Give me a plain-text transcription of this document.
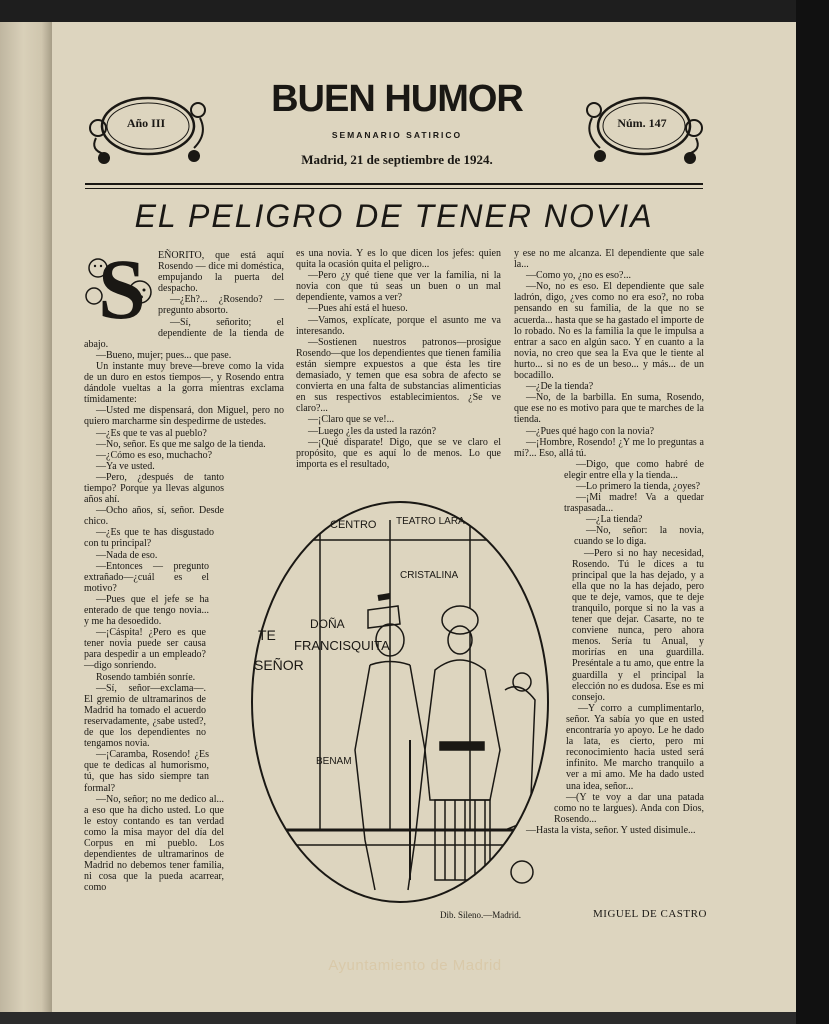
Año III	Núm. 147
BUEN HUMOR
SEMANARIO SATIRICO
Madrid, 21 de septiembre de 1924.
EL PELIGRO DE TENER NOVIA
S	EÑORITO, que está aquí Rosendo — dice mi doméstica, empujando la puerta del despacho.

—¿Eh?... ¿Rosendo? — pregunto absorto.

—Sí, señorito; el dependiente de la tienda de abajo.

—Bueno, mujer; pues... que pase.

Un instante muy breve—breve como la vida de un duro en estos tiempos—, y Rosendo entra dándole vueltas a la gorra mientras exclama tímidamente:

—Usted me dispensará, don Miguel, pero no quiero marcharme sin despedirme de ustedes.

—¿Es que te vas al pueblo?

—No, señor. Es que me salgo de la tienda.

—¿Cómo es eso, muchacho?

—Ya ve usted.

—Pero, ¿después de tanto tiempo? Porque ya llevas algunos años ahí.

—Ocho años, sí, señor. Desde chico.

—¿Es que te has disgustado con tu principal?

—Nada de eso.

—Entonces — pregunto extrañado—¿cuál es el motivo?

—Pues que el jefe se ha enterado de que tengo novia... y me ha desoedido.

—¡Cáspita! ¿Pero es que tener novia puede ser causa para despedir a un empleado?—digo sonriendo.

Rosendo también sonríe.

—Sí, señor—exclama—. El gremio de ultramarinos de Madrid ha tomado el acuerdo reservadamente, ¿sabe usted?, de que los dependientes no tengamos novia.

—¡Caramba, Rosendo! ¿Es que te dedicas al humorismo, tú, que has sido siempre tan formal?

—No, señor; no me dedico al... a eso que ha dicho usted. Lo que le estoy contando es tan verdad como la misa mayor del día del Corpus en mi pueblo. Los dependientes de ultramarinos de Madrid no debemos tener familia, ni cosa que la pueda acarrear, como

es una novia. Y es lo que dicen los jefes: quien quita la ocasión quita el peligro...

—Pero ¿y qué tiene que ver la familia, ni la novia con que tú seas un buen o un mal dependiente, vamos a ver?

—Pues ahí está el hueso.

—Vamos, explícate, porque el asunto me va interesando.

—Sostienen nuestros patronos—prosigue Rosendo—que los dependientes que tienen familia están siempre expuestos a que ésta les tire demasiado, y temen que esa sobra de afecto se convierta en una falta de substancias alimenticias en sus respectivos establecimientos. ¿Se ve claro?...

—¡Claro que se ve!...

—Luego ¿les da usted la razón?

—¡Qué disparate! Digo, que se ve claro el propósito, que es aquí lo de menos. Lo que importa es el resultado,

y ese no me alcanza. El dependiente que sale la...

—Como yo, ¿no es eso?...

—No, no es eso. El dependiente que sale ladrón, digo, ¿ves como no era eso?, no roba pensando en su familia, de la que no se acuerda... hasta que se ha gastado el importe de lo robado. No es la familia la que le impulsa a entrar a saco en algún saco. Y en cuanto a la novia, no creo que sea la Eva que le tiente al hurto... si no es de un beso... y más... de un bocadillo.

—¿De la tienda?

—No, de la barbilla. En suma, Rosendo, que ese no es motivo para que te marches de la tienda.

—¿Pues qué hago con la novia?

—¡Hombre, Rosendo! ¿Y me lo preguntas a mí?... Eso, allá tú.

—Digo, que como habré de elegir entre ella y la tienda...

—Lo primero la tienda, ¿oyes?

—¡Mi madre! Va a quedar traspasada...

—¿La tienda?

—No, señor: la novia, cuando se lo diga.

—Pero si no hay necesidad, Rosendo. Tú le dices a tu principal que la has dejado, y a ella que no la has dejado, pero que te deje, vamos, que te deje tranquilo, porque si no la vas a tener que dejar. Casarte, no te conviene nunca, pero ahora menos. Sería tu Anual, y morirías en una guardilla. Preséntale a tu amo, que entre la guardilla y el principal la elección no es dudosa. Ese es mi consejo.

—Y corro a cumplimentarlo, señor. Ya sabía yo que en usted encontraría yo apoyo. Le he dado la lata, es cierto, pero mi reconocimiento hacia usted será infinito. Me marcho tranquilo a ver a mi amo. Me ha dado usted una idea, señor...

—(Y te voy a dar una patada como no te largues). Anda con Dios, Rosendo...

—Hasta la vista, señor. Y usted disimule...

CENTRO TEATRO LARA
CRISTALINA
DOÑA
FRANCISQUITA
SEÑOR
TE
BENAM
Dib. Sileno.—Madrid.	MIGUEL DE CASTRO
Ayuntamiento de Madrid
